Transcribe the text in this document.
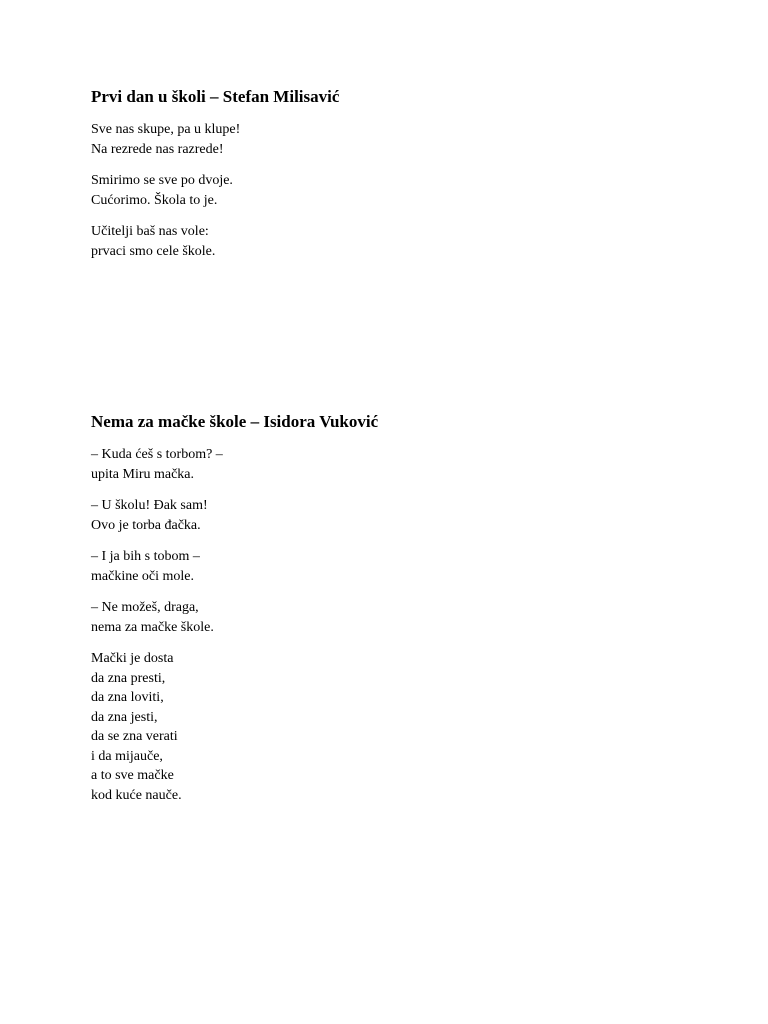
Prvi dan u školi – Stefan Milisavić
Sve nas skupe, pa u klupe!
Na rezrede nas razrede!
Smirimo se sve po dvoje.
Cućorimo. Škola to je.
Učitelji baš nas vole:
prvaci smo cele škole.
Nema za mačke škole – Isidora Vuković
– Kuda ćeš s torbom? –
upita Miru mačka.
– U školu! Đak sam!
Ovo je torba đačka.
– I ja bih s tobom –
mačkine oči mole.
– Ne možeš, draga,
nema za mačke škole.
Mački je dosta
da zna presti,
da zna loviti,
da zna jesti,
da se zna verati
i da mijauče,
a to sve mačke
kod kuće nauče.
